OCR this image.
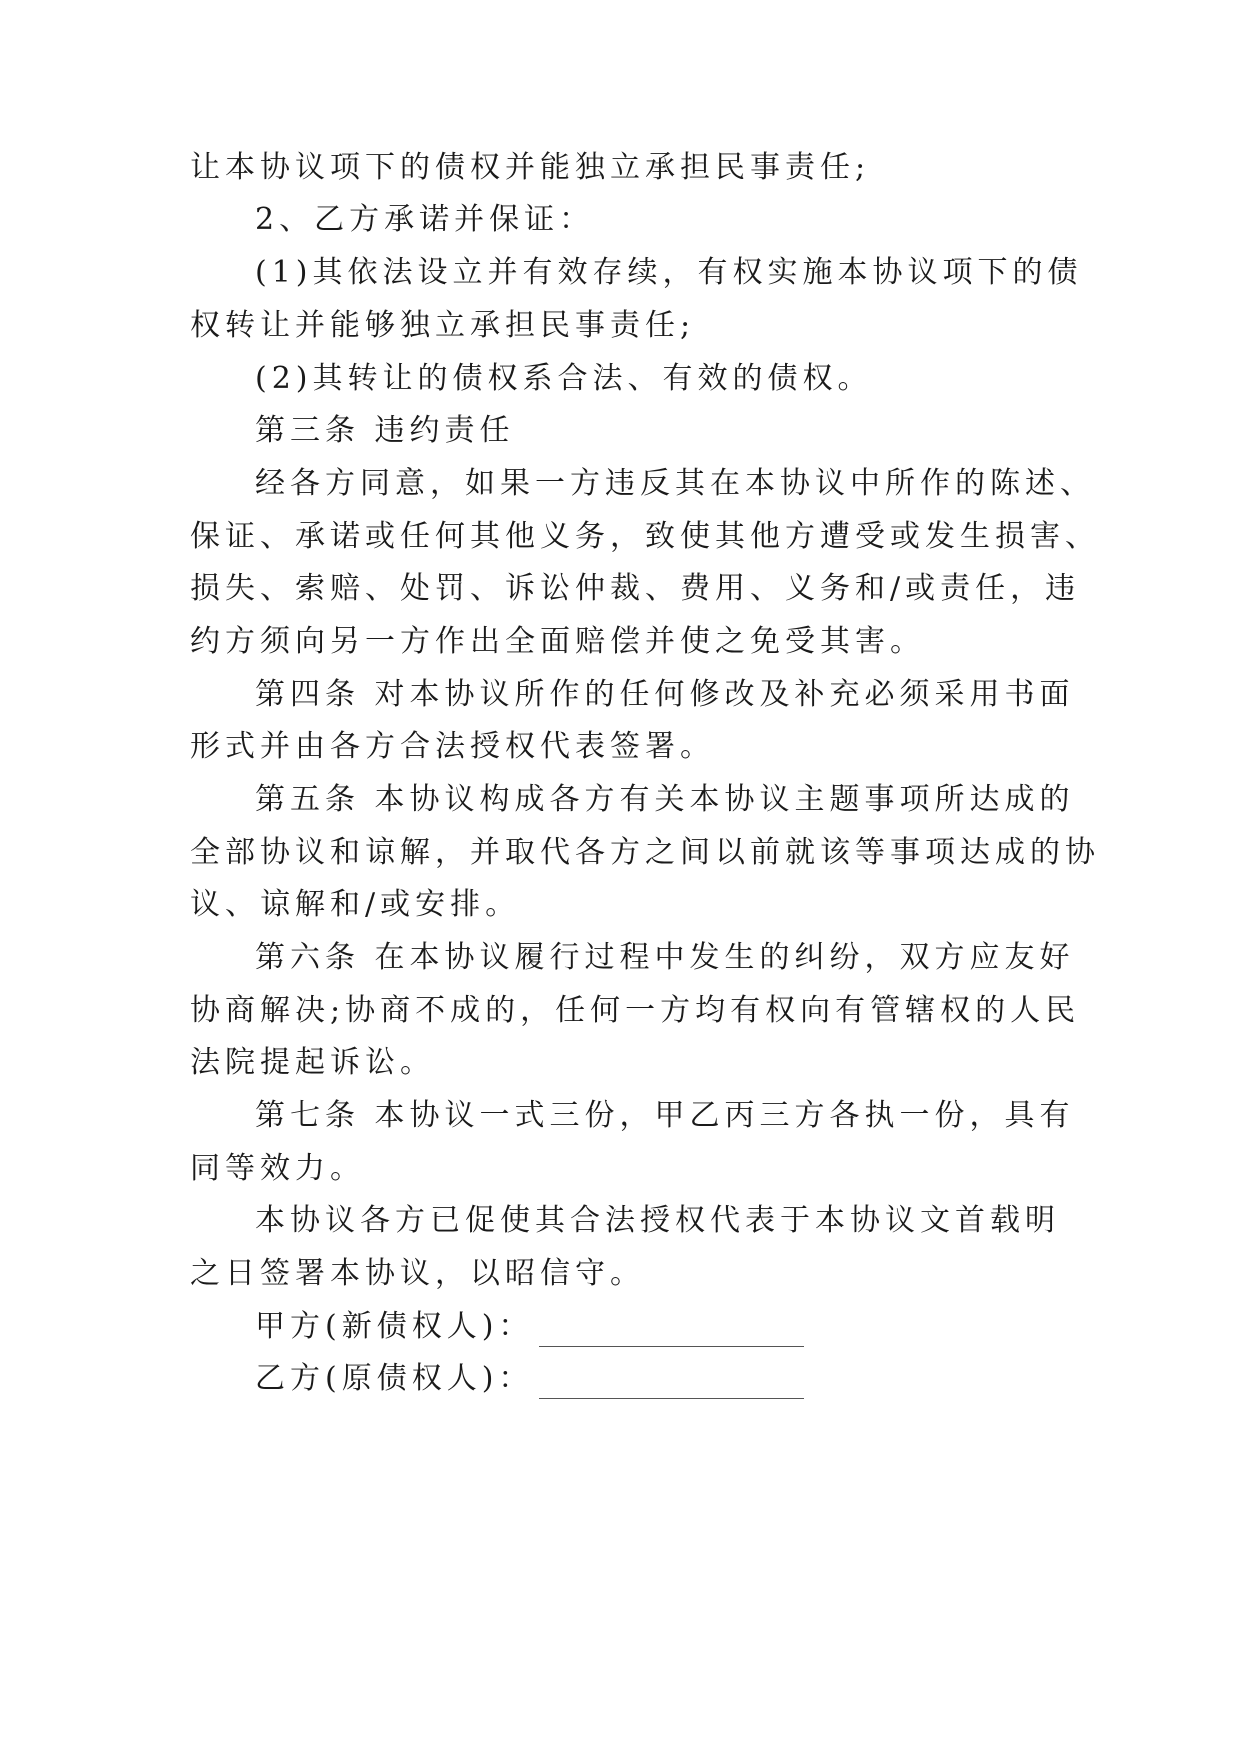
让本协议项下的债权并能独立承担民事责任;
2、乙方承诺并保证：
(1)其依法设立并有效存续，有权实施本协议项下的债
权转让并能够独立承担民事责任;
(2)其转让的债权系合法、有效的债权。
第三条 违约责任
经各方同意，如果一方违反其在本协议中所作的陈述、
保证、承诺或任何其他义务，致使其他方遭受或发生损害、
损失、索赔、处罚、诉讼仲裁、费用、义务和/或责任，违
约方须向另一方作出全面赔偿并使之免受其害。
第四条 对本协议所作的任何修改及补充必须采用书面
形式并由各方合法授权代表签署。
第五条 本协议构成各方有关本协议主题事项所达成的
全部协议和谅解，并取代各方之间以前就该等事项达成的协
议、谅解和/或安排。
第六条 在本协议履行过程中发生的纠纷，双方应友好
协商解决;协商不成的，任何一方均有权向有管辖权的人民
法院提起诉讼。
第七条 本协议一式三份，甲乙丙三方各执一份，具有
同等效力。
本协议各方已促使其合法授权代表于本协议文首载明
之日签署本协议，以昭信守。
甲方(新债权人)：
乙方(原债权人)：
